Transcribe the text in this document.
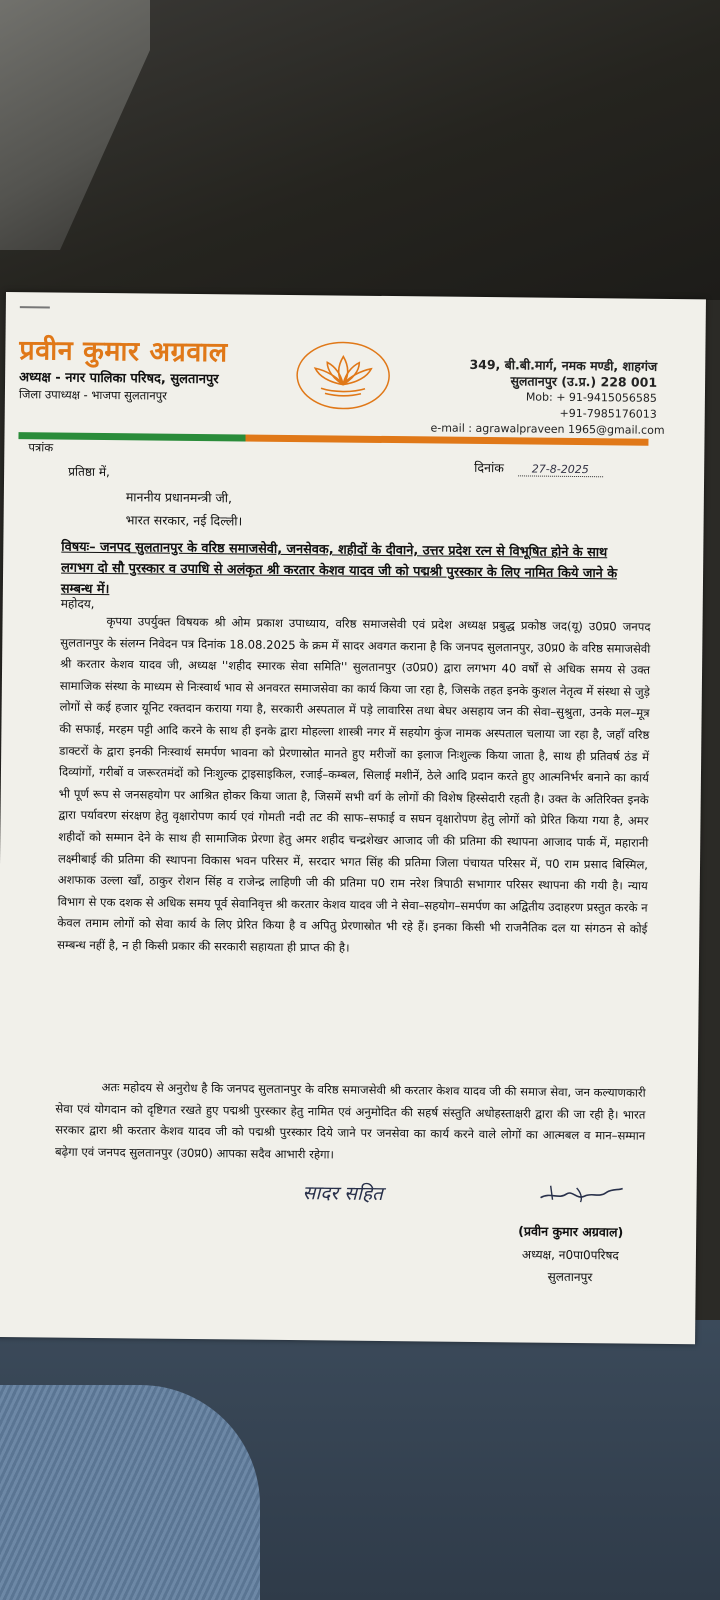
प्रवीन कुमार अग्रवाल
अध्यक्ष - नगर पालिका परिषद, सुलतानपुर
जिला उपाध्यक्ष - भाजपा सुलतानपुर
349, बी.बी.मार्ग, नमक मण्डी, शाहगंज
सुलतानपुर (उ.प्र.) 228 001
Mob: + 91-9415056585
+91-7985176013
e-mail : agrawalpraveen 1965@gmail.com
पत्रांक
प्रतिष्ठा में,	दिनांक	27-8-2025
माननीय प्रधानमन्त्री जी,
भारत सरकार, नई दिल्ली।
विषयः– जनपद सुलतानपुर के वरिष्ठ समाजसेवी, जनसेवक, शहीदों के दीवाने, उत्तर प्रदेश रत्न से विभूषित होने के साथ लगभग दो सौ पुरस्कार व उपाधि से अलंकृत श्री करतार केशव यादव जी को पद्मश्री पुरस्कार के लिए नामित किये जाने के सम्बन्ध में।
महोदय,
कृपया उपर्युक्त विषयक श्री ओम प्रकाश उपाध्याय, वरिष्ठ समाजसेवी एवं प्रदेश अध्यक्ष प्रबुद्ध प्रकोष्ठ जद(यू) उ0प्र0 जनपद सुलतानपुर के संलग्न निवेदन पत्र दिनांक 18.08.2025 के क्रम में सादर अवगत कराना है कि जनपद सुलतानपुर, उ0प्र0 के वरिष्ठ समाजसेवी श्री करतार केशव यादव जी, अध्यक्ष ''शहीद स्मारक सेवा समिति'' सुलतानपुर (उ0प्र0) द्वारा लगभग 40 वर्षों से अधिक समय से उक्त सामाजिक संस्था के माध्यम से निःस्वार्थ भाव से अनवरत समाजसेवा का कार्य किया जा रहा है, जिसके तहत इनके कुशल नेतृत्व में संस्था से जुड़े लोगों से कई हजार यूनिट रक्तदान कराया गया है, सरकारी अस्पताल में पड़े लावारिस तथा बेघर असहाय जन की सेवा–सुश्रुता, उनके मल–मूत्र की सफाई, मरहम पट्टी आदि करने के साथ ही इनके द्वारा मोहल्ला शास्त्री नगर में सहयोग कुंज नामक अस्पताल चलाया जा रहा है, जहाँ वरिष्ठ डाक्टरों के द्वारा इनकी निःस्वार्थ समर्पण भावना को प्रेरणास्रोत मानते हुए मरीजों का इलाज निःशुल्क किया जाता है, साथ ही प्रतिवर्ष ठंड में दिव्यांगों, गरीबों व जरूरतमंदों को निःशुल्क ट्राइसाइकिल, रजाई–कम्बल, सिलाई मशीनें, ठेले आदि प्रदान करते हुए आत्मनिर्भर बनाने का कार्य भी पूर्ण रूप से जनसहयोग पर आश्रित होकर किया जाता है, जिसमें सभी वर्ग के लोगों की विशेष हिस्सेदारी रहती है। उक्त के अतिरिक्त इनके द्वारा पर्यावरण संरक्षण हेतु वृक्षारोपण कार्य एवं गोमती नदी तट की साफ–सफाई व सघन वृक्षारोपण हेतु लोगों को प्रेरित किया गया है, अमर शहीदों को सम्मान देने के साथ ही सामाजिक प्रेरणा हेतु अमर शहीद चन्द्रशेखर आजाद जी की प्रतिमा की स्थापना आजाद पार्क में, महारानी लक्ष्मीबाई की प्रतिमा की स्थापना विकास भवन परिसर में, सरदार भगत सिंह की प्रतिमा जिला पंचायत परिसर में, प0 राम प्रसाद बिस्मिल, अशफाक उल्ला खाँ, ठाकुर रोशन सिंह व राजेन्द्र लाहिणी जी की प्रतिमा प0 राम नरेश त्रिपाठी सभागार परिसर स्थापना की गयी है। न्याय विभाग से एक दशक से अधिक समय पूर्व सेवानिवृत्त श्री करतार केशव यादव जी ने सेवा–सहयोग–समर्पण का अद्वितीय उदाहरण प्रस्तुत करके न केवल तमाम लोगों को सेवा कार्य के लिए प्रेरित किया है व अपितु प्रेरणास्रोत भी रहे हैं। इनका किसी भी राजनैतिक दल या संगठन से कोई सम्बन्ध नहीं है, न ही किसी प्रकार की सरकारी सहायता ही प्राप्त की है।
अतः महोदय से अनुरोध है कि जनपद सुलतानपुर के वरिष्ठ समाजसेवी श्री करतार केशव यादव जी की समाज सेवा, जन कल्याणकारी सेवा एवं योगदान को दृष्टिगत रखते हुए पद्मश्री पुरस्कार हेतु नामित एवं अनुमोदित की सहर्ष संस्तुति अधोहस्ताक्षरी द्वारा की जा रही है। भारत सरकार द्वारा श्री करतार केशव यादव जी को पद्मश्री पुरस्कार दिये जाने पर जनसेवा का कार्य करने वाले लोगों का आत्मबल व मान–सम्मान बढ़ेगा एवं जनपद सुलतानपुर (उ0प्र0) आपका सदैव आभारी रहेगा।
सादर सहित
(प्रवीन कुमार अग्रवाल)
अध्यक्ष, न0पा0परिषद
सुलतानपुर
